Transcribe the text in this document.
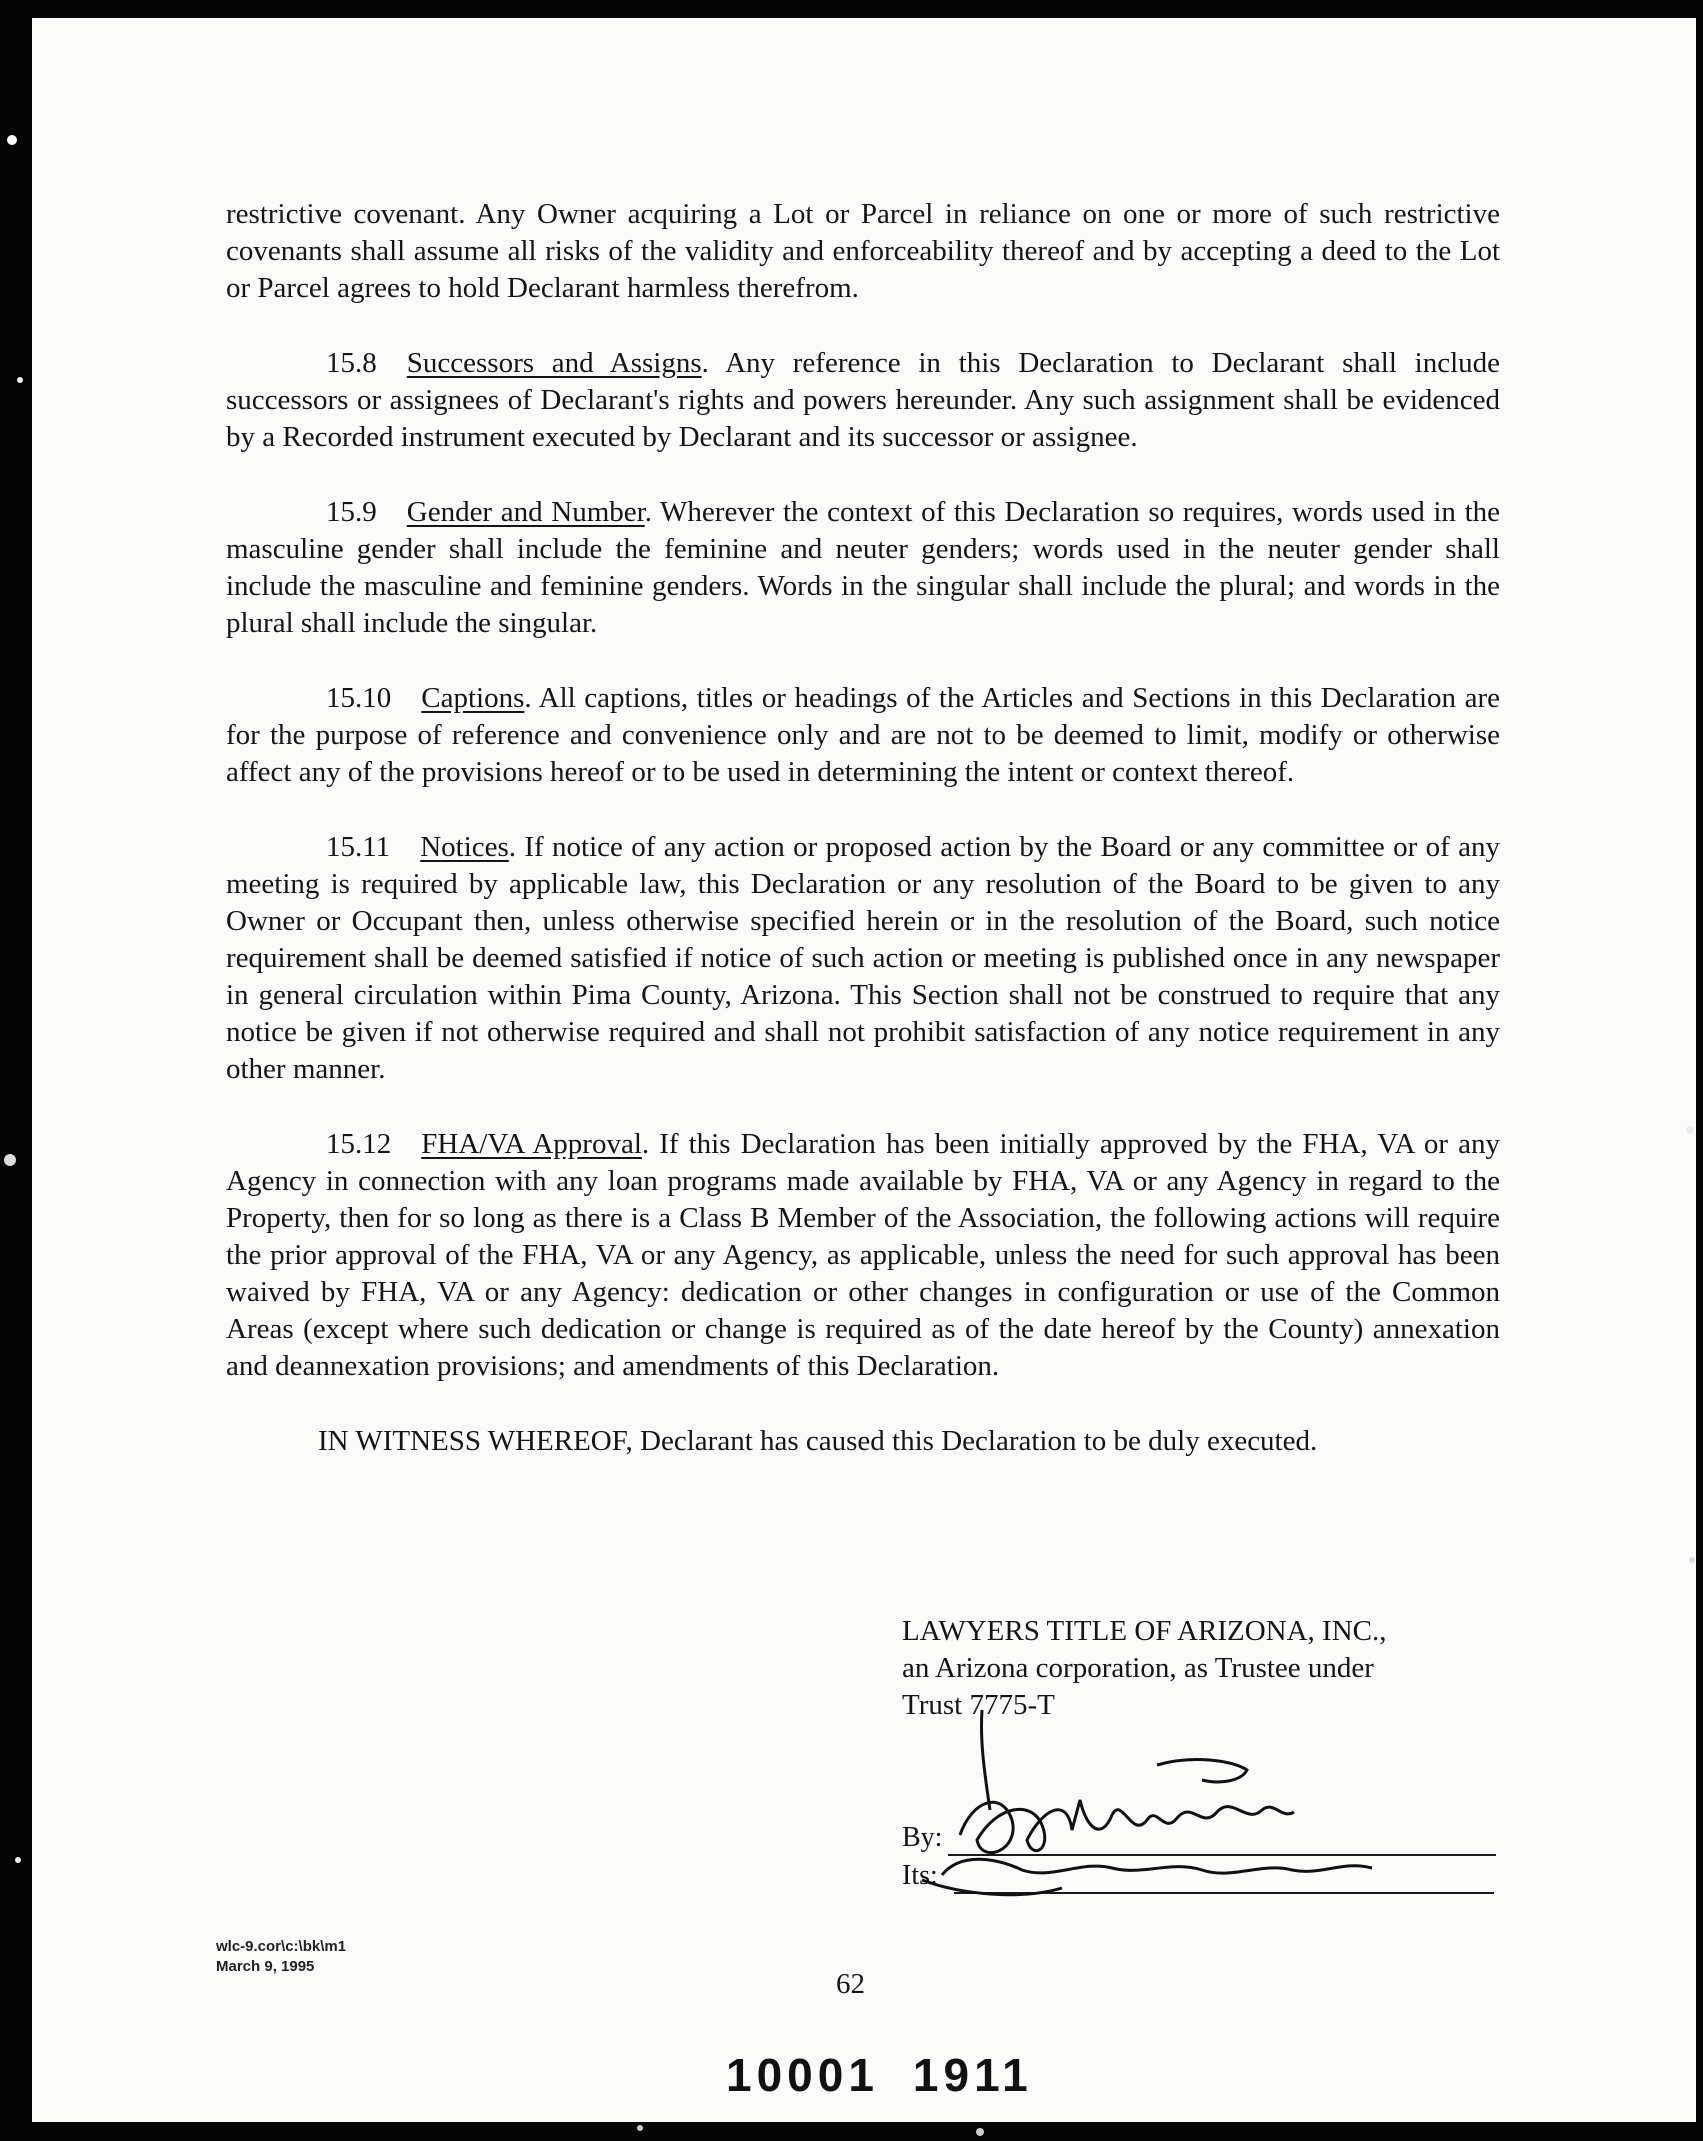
restrictive covenant. Any Owner acquiring a Lot or Parcel in reliance on one or more of such restrictive covenants shall assume all risks of the validity and enforceability thereof and by accepting a deed to the Lot or Parcel agrees to hold Declarant harmless therefrom.

15.8 Successors and Assigns. Any reference in this Declaration to Declarant shall include successors or assignees of Declarant's rights and powers hereunder. Any such assignment shall be evidenced by a Recorded instrument executed by Declarant and its successor or assignee.

15.9 Gender and Number. Wherever the context of this Declaration so requires, words used in the masculine gender shall include the feminine and neuter genders; words used in the neuter gender shall include the masculine and feminine genders. Words in the singular shall include the plural; and words in the plural shall include the singular.

15.10 Captions. All captions, titles or headings of the Articles and Sections in this Declaration are for the purpose of reference and convenience only and are not to be deemed to limit, modify or otherwise affect any of the provisions hereof or to be used in determining the intent or context thereof.

15.11 Notices. If notice of any action or proposed action by the Board or any committee or of any meeting is required by applicable law, this Declaration or any resolution of the Board to be given to any Owner or Occupant then, unless otherwise specified herein or in the resolution of the Board, such notice requirement shall be deemed satisfied if notice of such action or meeting is published once in any newspaper in general circulation within Pima County, Arizona. This Section shall not be construed to require that any notice be given if not otherwise required and shall not prohibit satisfaction of any notice requirement in any other manner.

15.12 FHA/VA Approval. If this Declaration has been initially approved by the FHA, VA or any Agency in connection with any loan programs made available by FHA, VA or any Agency in regard to the Property, then for so long as there is a Class B Member of the Association, the following actions will require the prior approval of the FHA, VA or any Agency, as applicable, unless the need for such approval has been waived by FHA, VA or any Agency: dedication or other changes in configuration or use of the Common Areas (except where such dedication or change is required as of the date hereof by the County) annexation and deannexation provisions; and amendments of this Declaration.

IN WITNESS WHEREOF, Declarant has caused this Declaration to be duly executed.

LAWYERS TITLE OF ARIZONA, INC.,
an Arizona corporation, as Trustee under
Trust 7775-T
By:
Its:
wlc-9.cor\c:\bk\m1
March 9, 1995
62
10001 1911
